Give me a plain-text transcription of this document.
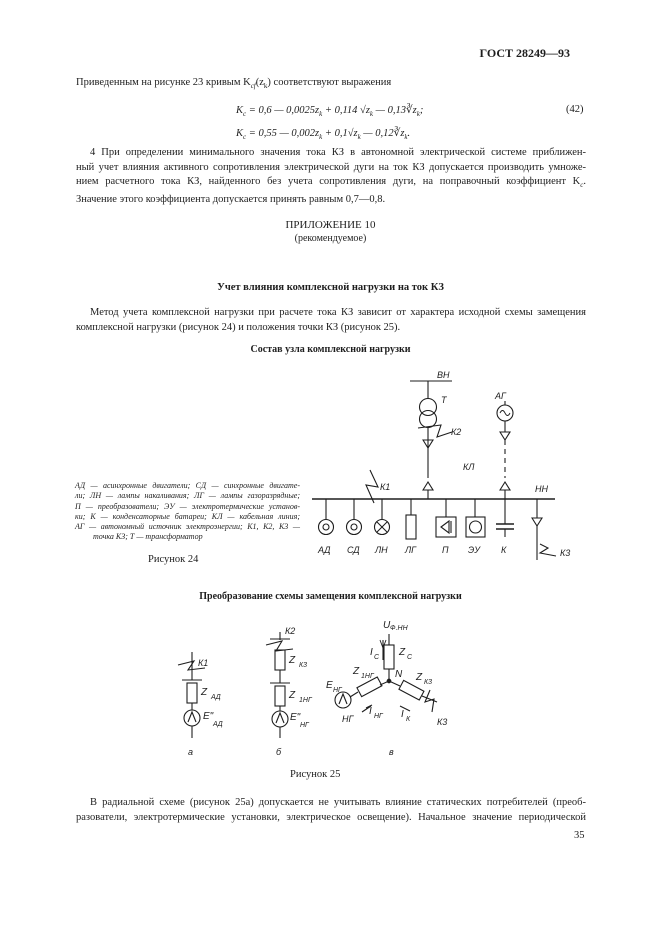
ГОСТ 28249—93
Приведенным на рисунке 23 кривым $K_{cf}(z_k)$ соответствуют выражения
$K_c = 0,6$ — $0,0025z_k + 0,114$ $√z_k$ — $0,13∛z_k$;	(42)
$K_c = 0,55$ — $0,002z_k + 0,1√z_k$ — $0,12∛z_k$.
4 При определении минимального значения тока КЗ в автономной электрической системе приближен-
ный учет влияния активного сопротивления электрической дуги на ток КЗ допускается производить умноже-
нием расчетного тока КЗ, найденного без учета сопротивления дуги, на поправочный коэффициент $K_c$.
Значение этого коэффициента допускается принять равным 0,7—0,8.
ПРИЛОЖЕНИЕ 10
(рекомендуемое)
Учет влияния комплексной нагрузки на ток КЗ
Метод учета комплексной нагрузки при расчете тока КЗ зависит от характера исходной схемы замещения
комплексной нагрузки (рисунок 24) и положения точки КЗ (рисунок 25).
Состав узла комплексной нагрузки
АД — асинхронные двигатели; СД — синхронные двигате-
ли; ЛН — лампы накаливания; ЛГ — лампы газоразрядные;
П — преобразователи; ЭУ — электротермические установ-
ки; К — конденсаторные батареи; КЛ — кабельная линия;
АГ — автономный источник электроэнергии; К1, К2, К3 —
точка КЗ; Т — трансформатор
Рисунок 24
Преобразование схемы замещения комплексной нагрузки
Рисунок 25
ВН
Т
К2
АГ
КЛ
К1	НН
К3
АД СД ЛН ЛГ	П ЭУ К
К1
Z АД
E"
АД
а
К2
Z К3
Z 1НГ
E"
НГ
б
U Ф.НН
I C Z C
N
Z 1НГ	Z К3
E НГ
I НГ I К
НГ	К3
в
В радиальной схеме (рисунок 25а) допускается не учитывать влияние статических потребителей (преоб-
разователи, электротермические установки, электрическое освещение). Начальное значение периодической
35
